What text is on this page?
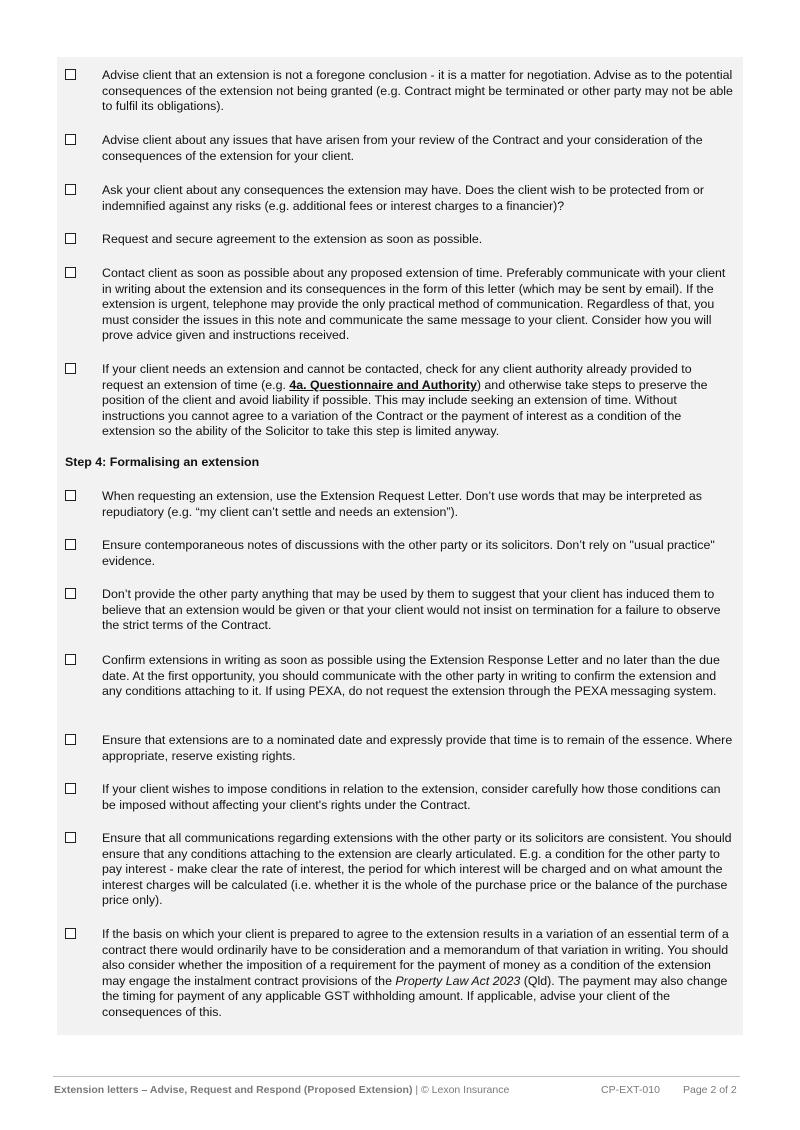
Advise client that an extension is not a foregone conclusion - it is a matter for negotiation. Advise as to the potential consequences of the extension not being granted (e.g. Contract might be terminated or other party may not be able to fulfil its obligations).
Advise client about any issues that have arisen from your review of the Contract and your consideration of the consequences of the extension for your client.
Ask your client about any consequences the extension may have. Does the client wish to be protected from or indemnified against any risks (e.g. additional fees or interest charges to a financier)?
Request and secure agreement to the extension as soon as possible.
Contact client as soon as possible about any proposed extension of time. Preferably communicate with your client in writing about the extension and its consequences in the form of this letter (which may be sent by email). If the extension is urgent, telephone may provide the only practical method of communication. Regardless of that, you must consider the issues in this note and communicate the same message to your client. Consider how you will prove advice given and instructions received.
If your client needs an extension and cannot be contacted, check for any client authority already provided to request an extension of time (e.g. 4a. Questionnaire and Authority) and otherwise take steps to preserve the position of the client and avoid liability if possible. This may include seeking an extension of time. Without instructions you cannot agree to a variation of the Contract or the payment of interest as a condition of the extension so the ability of the Solicitor to take this step is limited anyway.
Step 4: Formalising an extension
When requesting an extension, use the Extension Request Letter. Don’t use words that may be interpreted as repudiatory (e.g. “my client can’t settle and needs an extension”).
Ensure contemporaneous notes of discussions with the other party or its solicitors. Don’t rely on "usual practice" evidence.
Don’t provide the other party anything that may be used by them to suggest that your client has induced them to believe that an extension would be given or that your client would not insist on termination for a failure to observe the strict terms of the Contract.
Confirm extensions in writing as soon as possible using the Extension Response Letter and no later than the due date. At the first opportunity, you should communicate with the other party in writing to confirm the extension and any conditions attaching to it. If using PEXA, do not request the extension through the PEXA messaging system.
Ensure that extensions are to a nominated date and expressly provide that time is to remain of the essence. Where appropriate, reserve existing rights.
If your client wishes to impose conditions in relation to the extension, consider carefully how those conditions can be imposed without affecting your client's rights under the Contract.
Ensure that all communications regarding extensions with the other party or its solicitors are consistent. You should ensure that any conditions attaching to the extension are clearly articulated. E.g. a condition for the other party to pay interest - make clear the rate of interest, the period for which interest will be charged and on what amount the interest charges will be calculated (i.e. whether it is the whole of the purchase price or the balance of the purchase price only).
If the basis on which your client is prepared to agree to the extension results in a variation of an essential term of a contract there would ordinarily have to be consideration and a memorandum of that variation in writing. You should also consider whether the imposition of a requirement for the payment of money as a condition of the extension may engage the instalment contract provisions of the Property Law Act 2023 (Qld). The payment may also change the timing for payment of any applicable GST withholding amount. If applicable, advise your client of the consequences of this.
Extension letters – Advise, Request and Respond (Proposed Extension) | © Lexon Insurance	CP-EXT-010 Page 2 of 2
